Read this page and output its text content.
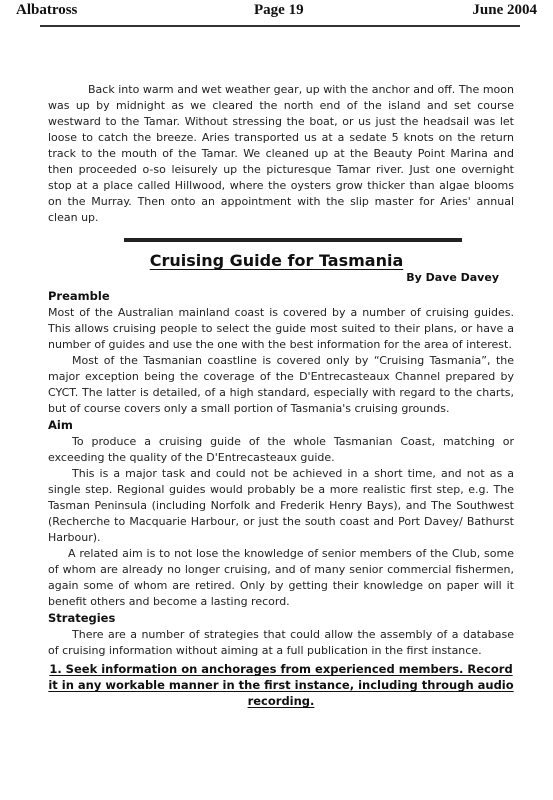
Albatross	Page 19	June 2004

Back into warm and wet weather gear, up with the anchor and off. The moon was up by midnight as we cleared the north end of the island and set course westward to the Tamar. Without stressing the boat, or us just the headsail was let loose to catch the breeze. Aries transported us at a sedate 5 knots on the return track to the mouth of the Tamar. We cleaned up at the Beauty Point Marina and then proceeded o-so leisurely up the picturesque Tamar river. Just one overnight stop at a place called Hillwood, where the oysters grow thicker than algae blooms on the Murray. Then onto an appointment with the slip master for Aries' annual clean up.

Cruising Guide for Tasmania
By Dave Davey
Preamble

Most of the Australian mainland coast is covered by a number of cruising guides. This allows cruising people to select the guide most suited to their plans, or have a number of guides and use the one with the best information for the area of interest.

Most of the Tasmanian coastline is covered only by “Cruising Tasmania”, the major exception being the coverage of the D'Entrecasteaux Channel prepared by CYCT. The latter is detailed, of a high standard, especially with regard to the charts, but of course covers only a small portion of Tasmania's cruising grounds.

Aim

To produce a cruising guide of the whole Tasmanian Coast, matching or exceeding the quality of the D'Entrecasteaux guide.

This is a major task and could not be achieved in a short time, and not as a single step. Regional guides would probably be a more realistic first step, e.g. The Tasman Peninsula (including Norfolk and Frederik Henry Bays), and The Southwest (Recherche to Macquarie Harbour, or just the south coast and Port Davey/ Bathurst Harbour).

A related aim is to not lose the knowledge of senior members of the Club, some of whom are already no longer cruising, and of many senior commercial fishermen, again some of whom are retired. Only by getting their knowledge on paper will it benefit others and become a lasting record.

Strategies

There are a number of strategies that could allow the assembly of a database of cruising information without aiming at a full publication in the first instance.

1. Seek information on anchorages from experienced members. Record it in any workable manner in the first instance, including through audio recording.
